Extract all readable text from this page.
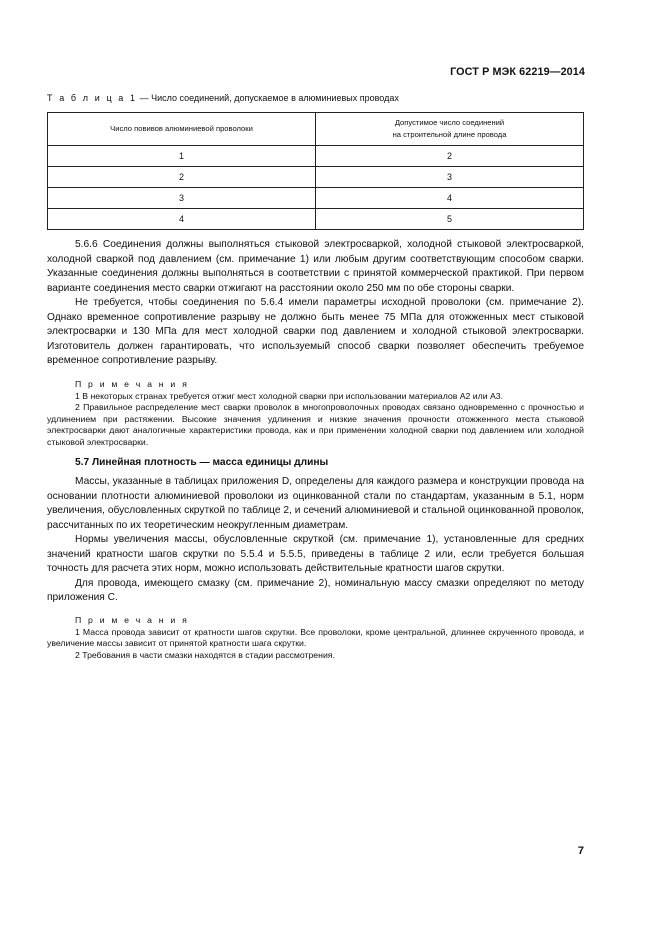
ГОСТ Р МЭК 62219—2014
Т а б л и ц а 1 — Число соединений, допускаемое в алюминиевых проводах
Число повивов алюминиевой проволоки	Допустимое число соединений
на строительной длине провода

1	2
2	3
3	4
4	5

5.6.6 Соединения должны выполняться стыковой электросваркой, холодной стыковой электросваркой, холодной сваркой под давлением (см. примечание 1) или любым другим соответствующим способом сварки. Указанные соединения должны выполняться в соответствии с принятой коммерческой практикой. При первом варианте соединения место сварки отжигают на расстоянии около 250 мм по обе стороны сварки.

Не требуется, чтобы соединения по 5.6.4 имели параметры исходной проволоки (см. примечание 2). Однако временное сопротивление разрыву не должно быть менее 75 МПа для отожженных мест стыковой электросварки и 130 МПа для мест холодной сварки под давлением и холодной стыковой электросварки. Изготовитель должен гарантировать, что используемый способ сварки позволяет обеспечить требуемое временное сопротивление разрыву.

П р и м е ч а н и я

1 В некоторых странах требуется отжиг мест холодной сварки при использовании материалов А2 или А3.

2 Правильное распределение мест сварки проволок в многопроволочных проводах связано одновременно с прочностью и удлинением при растяжении. Высокие значения удлинения и низкие значения прочности отожженного места стыковой электросварки дают аналогичные характеристики провода, как и при применении холодной сварки под давлением или холодной стыковой электросварки.

5.7 Линейная плотность — масса единицы длины

Массы, указанные в таблицах приложения D, определены для каждого размера и конструкции провода на основании плотности алюминиевой проволоки из оцинкованной стали по стандартам, указанным в 5.1, норм увеличения, обусловленных скруткой по таблице 2, и сечений алюминиевой и стальной оцинкованной проволок, рассчитанных по их теоретическим неокругленным диаметрам.

Нормы увеличения массы, обусловленные скруткой (см. примечание 1), установленные для средних значений кратности шагов скрутки по 5.5.4 и 5.5.5, приведены в таблице 2 или, если требуется большая точность для расчета этих норм, можно использовать действительные кратности шагов скрутки.

Для провода, имеющего смазку (см. примечание 2), номинальную массу смазки определяют по методу приложения С.

П р и м е ч а н и я

1 Масса провода зависит от кратности шагов скрутки. Все проволоки, кроме центральной, длиннее скрученного провода, и увеличение массы зависит от принятой кратности шага скрутки.

2 Требования в части смазки находятся в стадии рассмотрения.

7
